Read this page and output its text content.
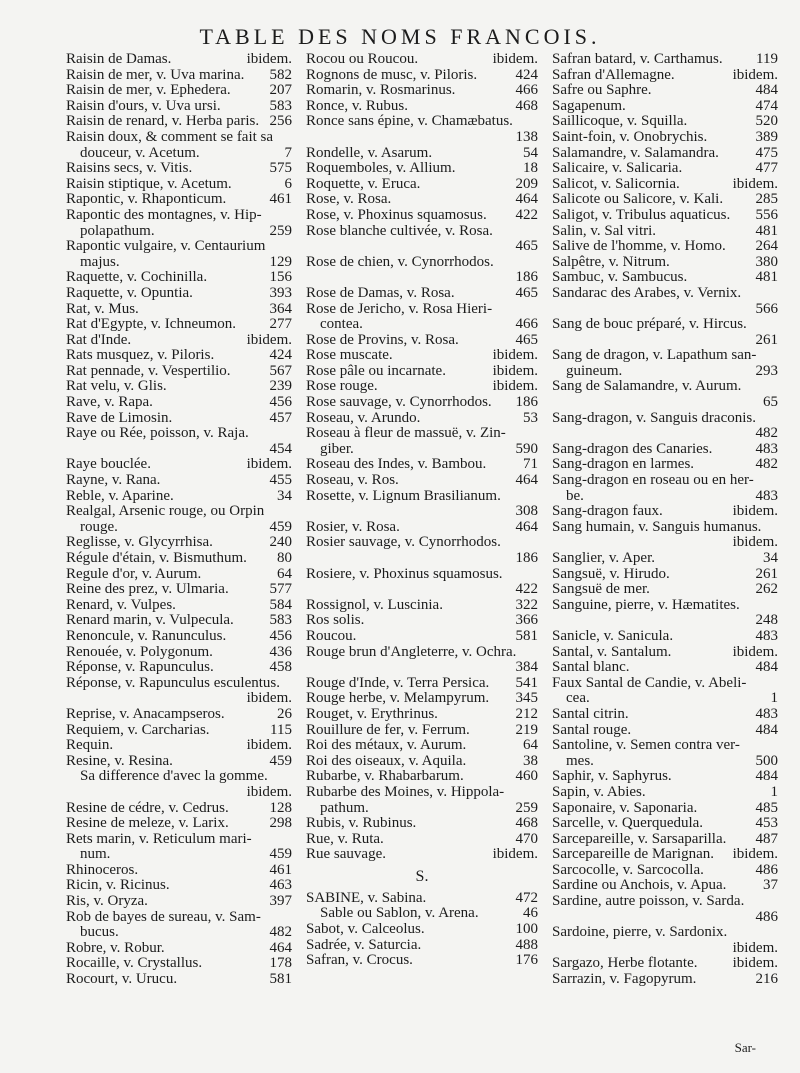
TABLE DES NOMS FRANCOIS.
Raisin de Damas.	ibidem.
Raisin de mer, v. Uva marina.	582
Raisin de mer, v. Ephedera.	207
Raisin d'ours, v. Uva ursi.	583
Raisin de renard, v. Herba paris. 256
Raisin doux, & comment se fait sa
douceur, v. Acetum.	7
Raisins secs, v. Vitis.	575
Raisin stiptique, v. Acetum.	6
Rapontic, v. Rhaponticum.	461
Rapontic des montagnes, v. Hip-
polapathum.	259
Rapontic vulgaire, v. Centaurium
majus.	129
Raquette, v. Cochinilla.	156
Raquette, v. Opuntia.	393
Rat, v. Mus.	364
Rat d'Egypte, v. Ichneumon.	277
Rat d'Inde.	ibidem.
Rats musquez, v. Piloris.	424
Rat pennade, v. Vespertilio.	567
Rat velu, v. Glis.	239
Rave, v. Rapa.	456
Rave de Limosin.	457
Raye ou Rée, poisson, v. Raja.
454
Raye bouclée.	ibidem.
Rayne, v. Rana.	455
Reble, v. Aparine.	34
Realgal, Arsenic rouge, ou Orpin
rouge.	459
Reglisse, v. Glycyrrhisa.	240
Régule d'étain, v. Bismuthum.	80
Regule d'or, v. Aurum.	64
Reine des prez, v. Ulmaria.	577
Renard, v. Vulpes.	584
Renard marin, v. Vulpecula.	583
Renoncule, v. Ranunculus.	456
Renouée, v. Polygonum.	436
Réponse, v. Rapunculus.	458
Réponse, v. Rapunculus esculentus.
ibidem.
Reprise, v. Anacampseros.	26
Requiem, v. Carcharias.	115
Requin.	ibidem.
Resine, v. Resina.	459
Sa difference d'avec la gomme.
ibidem.
Resine de cédre, v. Cedrus.	128
Resine de meleze, v. Larix.	298
Rets marin, v. Reticulum mari-
num.	459
Rhinoceros.	461
Ricin, v. Ricinus.	463
Ris, v. Oryza.	397
Rob de bayes de sureau, v. Sam-
bucus.	482
Robre, v. Robur.	464
Rocaille, v. Crystallus.	178
Rocourt, v. Urucu.	581
Rocou ou Roucou.	ibidem.
Rognons de musc, v. Piloris.	424
Romarin, v. Rosmarinus.	466
Ronce, v. Rubus.	468
Ronce sans épine, v. Chamæbatus.
138
Rondelle, v. Asarum.	54
Roquemboles, v. Allium.	18
Roquette, v. Eruca.	209
Rose, v. Rosa.	464
Rose, v. Phoxinus squamosus.	422
Rose blanche cultivée, v. Rosa.
465
Rose de chien, v. Cynorrhodos.
186
Rose de Damas, v. Rosa.	465
Rose de Jericho, v. Rosa Hieri-
contea.	466
Rose de Provins, v. Rosa.	465
Rose muscate.	ibidem.
Rose pâle ou incarnate.	ibidem.
Rose rouge.	ibidem.
Rose sauvage, v. Cynorrhodos.	186
Roseau, v. Arundo.	53
Roseau à fleur de massuë, v. Zin-
giber.	590
Roseau des Indes, v. Bambou.	71
Roseau, v. Ros.	464
Rosette, v. Lignum Brasilianum.
308
Rosier, v. Rosa.	464
Rosier sauvage, v. Cynorrhodos.
186
Rosiere, v. Phoxinus squamosus.
422
Rossignol, v. Luscinia.	322
Ros solis.	366
Roucou.	581
Rouge brun d'Angleterre, v. Ochra.
384
Rouge d'Inde, v. Terra Persica.	541
Rouge herbe, v. Melampyrum.	345
Rouget, v. Erythrinus.	212
Rouillure de fer, v. Ferrum.	219
Roi des métaux, v. Aurum.	64
Roi des oiseaux, v. Aquila.	38
Rubarbe, v. Rhabarbarum.	460
Rubarbe des Moines, v. Hippola-
pathum.	259
Rubis, v. Rubinus.	468
Rue, v. Ruta.	470
Rue sauvage.	ibidem.
S.
SABINE, v. Sabina.	472
Sable ou Sablon, v. Arena.	46
Sabot, v. Calceolus.	100
Sadrée, v. Saturcia.	488
Safran, v. Crocus.	176
Safran batard, v. Carthamus.	119
Safran d'Allemagne.	ibidem.
Safre ou Saphre.	484
Sagapenum.	474
Saillicoque, v. Squilla.	520
Saint-foin, v. Onobrychis.	389
Salamandre, v. Salamandra.	475
Salicaire, v. Salicaria.	477
Salicot, v. Salicornia.	ibidem.
Salicote ou Salicore, v. Kali.	285
Saligot, v. Tribulus aquaticus.	556
Salin, v. Sal vitri.	481
Salive de l'homme, v. Homo.	264
Salpêtre, v. Nitrum.	380
Sambuc, v. Sambucus.	481
Sandarac des Arabes, v. Vernix.
566
Sang de bouc préparé, v. Hircus.
261
Sang de dragon, v. Lapathum san-
guineum.	293
Sang de Salamandre, v. Aurum.
65
Sang-dragon, v. Sanguis draconis.
482
Sang-dragon des Canaries.	483
Sang-dragon en larmes.	482
Sang-dragon en roseau ou en her-
be.	483
Sang-dragon faux.	ibidem.
Sang humain, v. Sanguis humanus.
ibidem.
Sanglier, v. Aper.	34
Sangsuë, v. Hirudo.	261
Sangsuë de mer.	262
Sanguine, pierre, v. Hæmatites.
248
Sanicle, v. Sanicula.	483
Santal, v. Santalum.	ibidem.
Santal blanc.	484
Faux Santal de Candie, v. Abeli-
cea.	1
Santal citrin.	483
Santal rouge.	484
Santoline, v. Semen contra ver-
mes.	500
Saphir, v. Saphyrus.	484
Sapin, v. Abies.	1
Saponaire, v. Saponaria.	485
Sarcelle, v. Querquedula.	453
Sarcepareille, v. Sarsaparilla.	487
Sarcepareille de Marignan.	ibidem.
Sarcocolle, v. Sarcocolla.	486
Sardine ou Anchois, v. Apua.	37
Sardine, autre poisson, v. Sarda.
486
Sardoine, pierre, v. Sardonix.
ibidem.
Sargazo, Herbe flotante.	ibidem.
Sarrazin, v. Fagopyrum.	216
Sar-
